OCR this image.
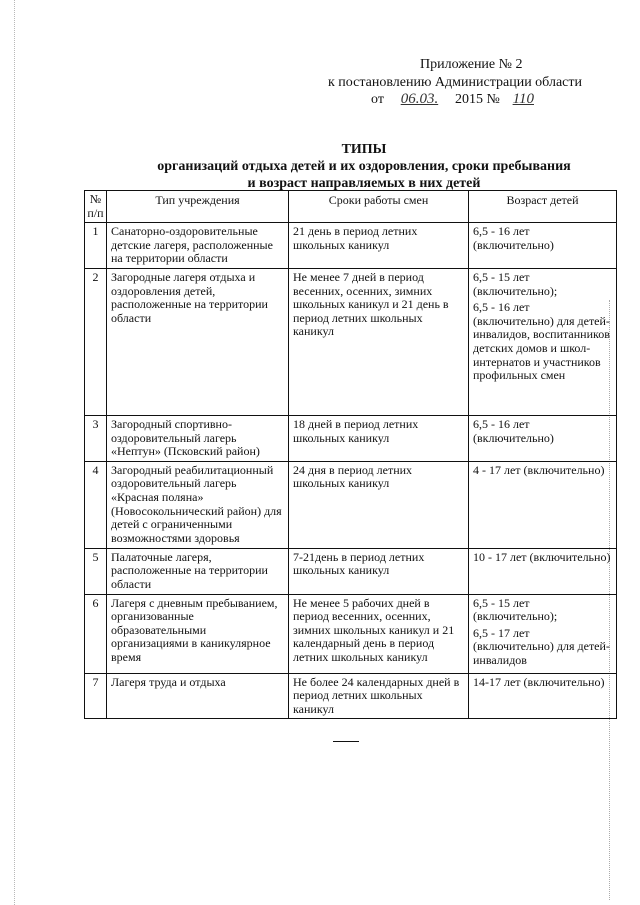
Приложение № 2
к постановлению Администрации области
от 06.03. 2015 № 110
ТИПЫ
организаций отдыха детей и их оздоровления, сроки пребывания
и возраст направляемых в них детей
№ п/п	Тип учреждения	Сроки работы смен	Возраст детей
1	Санаторно-оздоровительные детские лагеря, расположенные на территории области	21 день в период летних школьных каникул	6,5 - 16 лет (включительно)

2	Загородные лагеря отдыха и оздоровления детей, расположенные на территории области	Не менее 7 дней в период весенних, осенних, зимних школьных каникул и 21 день в период летних школьных каникул	6,5 - 15 лет (включительно);

6,5 - 16 лет (включительно) для детей-инвалидов, воспитанников детских домов и школ-интернатов и участников профильных смен

3	Загородный спортивно-оздоровительный лагерь «Нептун» (Псковский район)	18 дней в период летних школьных каникул	6,5 - 16 лет (включительно)

4	Загородный реабилитационный оздоровительный лагерь «Красная поляна» (Новосокольнический район) для детей с ограниченными возможностями здоровья	24 дня в период летних школьных каникул	4 - 17 лет (включительно)

5	Палаточные лагеря, расположенные на территории области	7-21день в период летних школьных каникул	10 - 17 лет (включительно)

6	Лагеря с дневным пребыванием, организованные образовательными организациями в каникулярное время	Не менее 5 рабочих дней в период весенних, осенних, зимних школьных каникул и 21 календарный день в период летних школьных каникул	6,5 - 15 лет (включительно);

6,5 - 17 лет (включительно) для детей-инвалидов

7	Лагеря труда и отдыха	Не более 24 календарных дней в период летних школьных каникул	14-17 лет (включительно)
